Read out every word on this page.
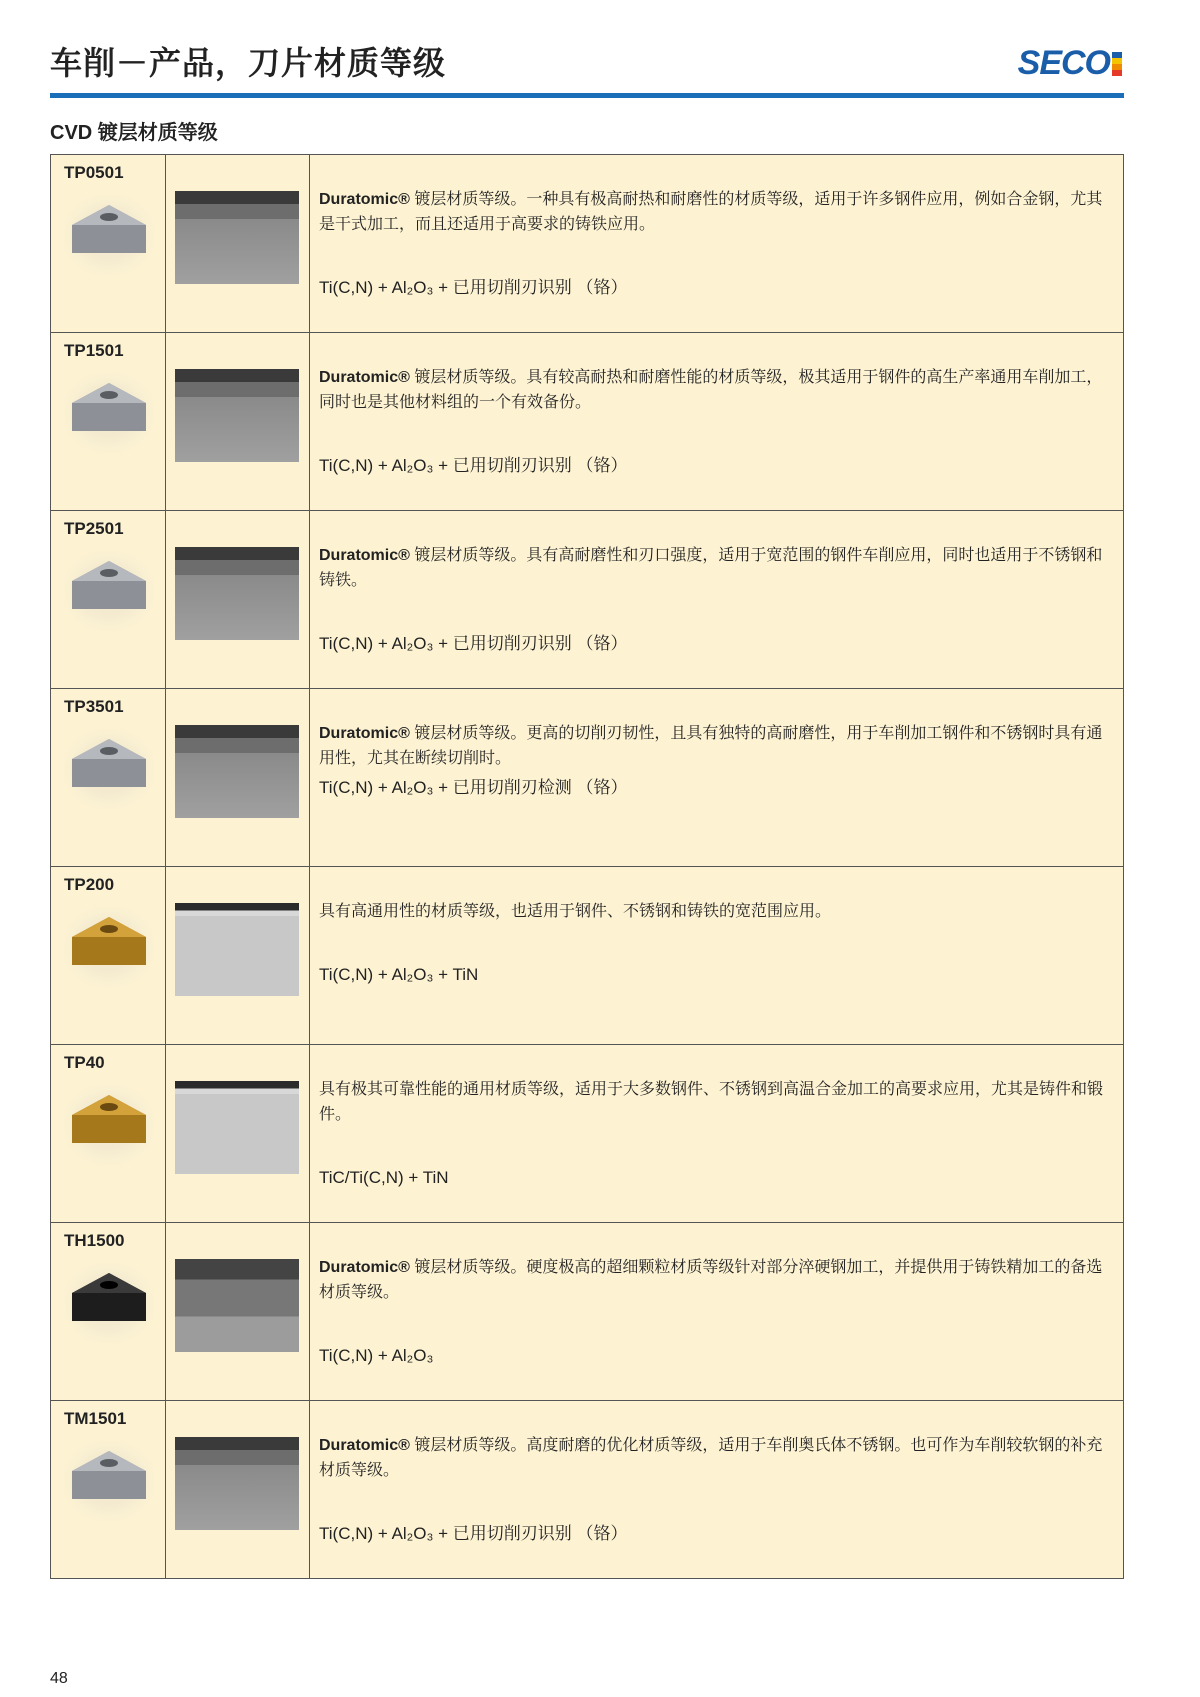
车削－产品，刀片材质等级	SECO
CVD 镀层材质等级
TP0501		Duratomic® 镀层材质等级。一种具有极高耐热和耐磨性的材质等级，适用于许多钢件应用，例如合金钢，尤其是干式加工，而且还适用于高要求的铸铁应用。
Ti(C,N) + Al₂O₃ + 已用切削刃识别 （铬）

TP1501		Duratomic® 镀层材质等级。具有较高耐热和耐磨性能的材质等级，极其适用于钢件的高生产率通用车削加工，同时也是其他材料组的一个有效备份。
Ti(C,N) + Al₂O₃ + 已用切削刃识别 （铬）

TP2501		Duratomic® 镀层材质等级。具有高耐磨性和刃口强度，适用于宽范围的钢件车削应用，同时也适用于不锈钢和铸铁。
Ti(C,N) + Al₂O₃ + 已用切削刃识别 （铬）

TP3501		Duratomic® 镀层材质等级。更高的切削刃韧性，且具有独特的高耐磨性，用于车削加工钢件和不锈钢时具有通用性，尤其在断续切削时。
Ti(C,N) + Al₂O₃ + 已用切削刃检测 （铬）

TP200		具有高通用性的材质等级，也适用于钢件、不锈钢和铸铁的宽范围应用。
Ti(C,N) + Al₂O₃ + TiN

TP40		具有极其可靠性能的通用材质等级，适用于大多数钢件、不锈钢到高温合金加工的高要求应用，尤其是铸件和锻件。
TiC/Ti(C,N) + TiN

TH1500		Duratomic® 镀层材质等级。硬度极高的超细颗粒材质等级针对部分淬硬钢加工，并提供用于铸铁精加工的备选材质等级。
Ti(C,N) + Al₂O₃

TM1501		Duratomic® 镀层材质等级。高度耐磨的优化材质等级，适用于车削奥氏体不锈钢。也可作为车削较软钢的补充材质等级。
Ti(C,N) + Al₂O₃ + 已用切削刃识别 （铬）
48
